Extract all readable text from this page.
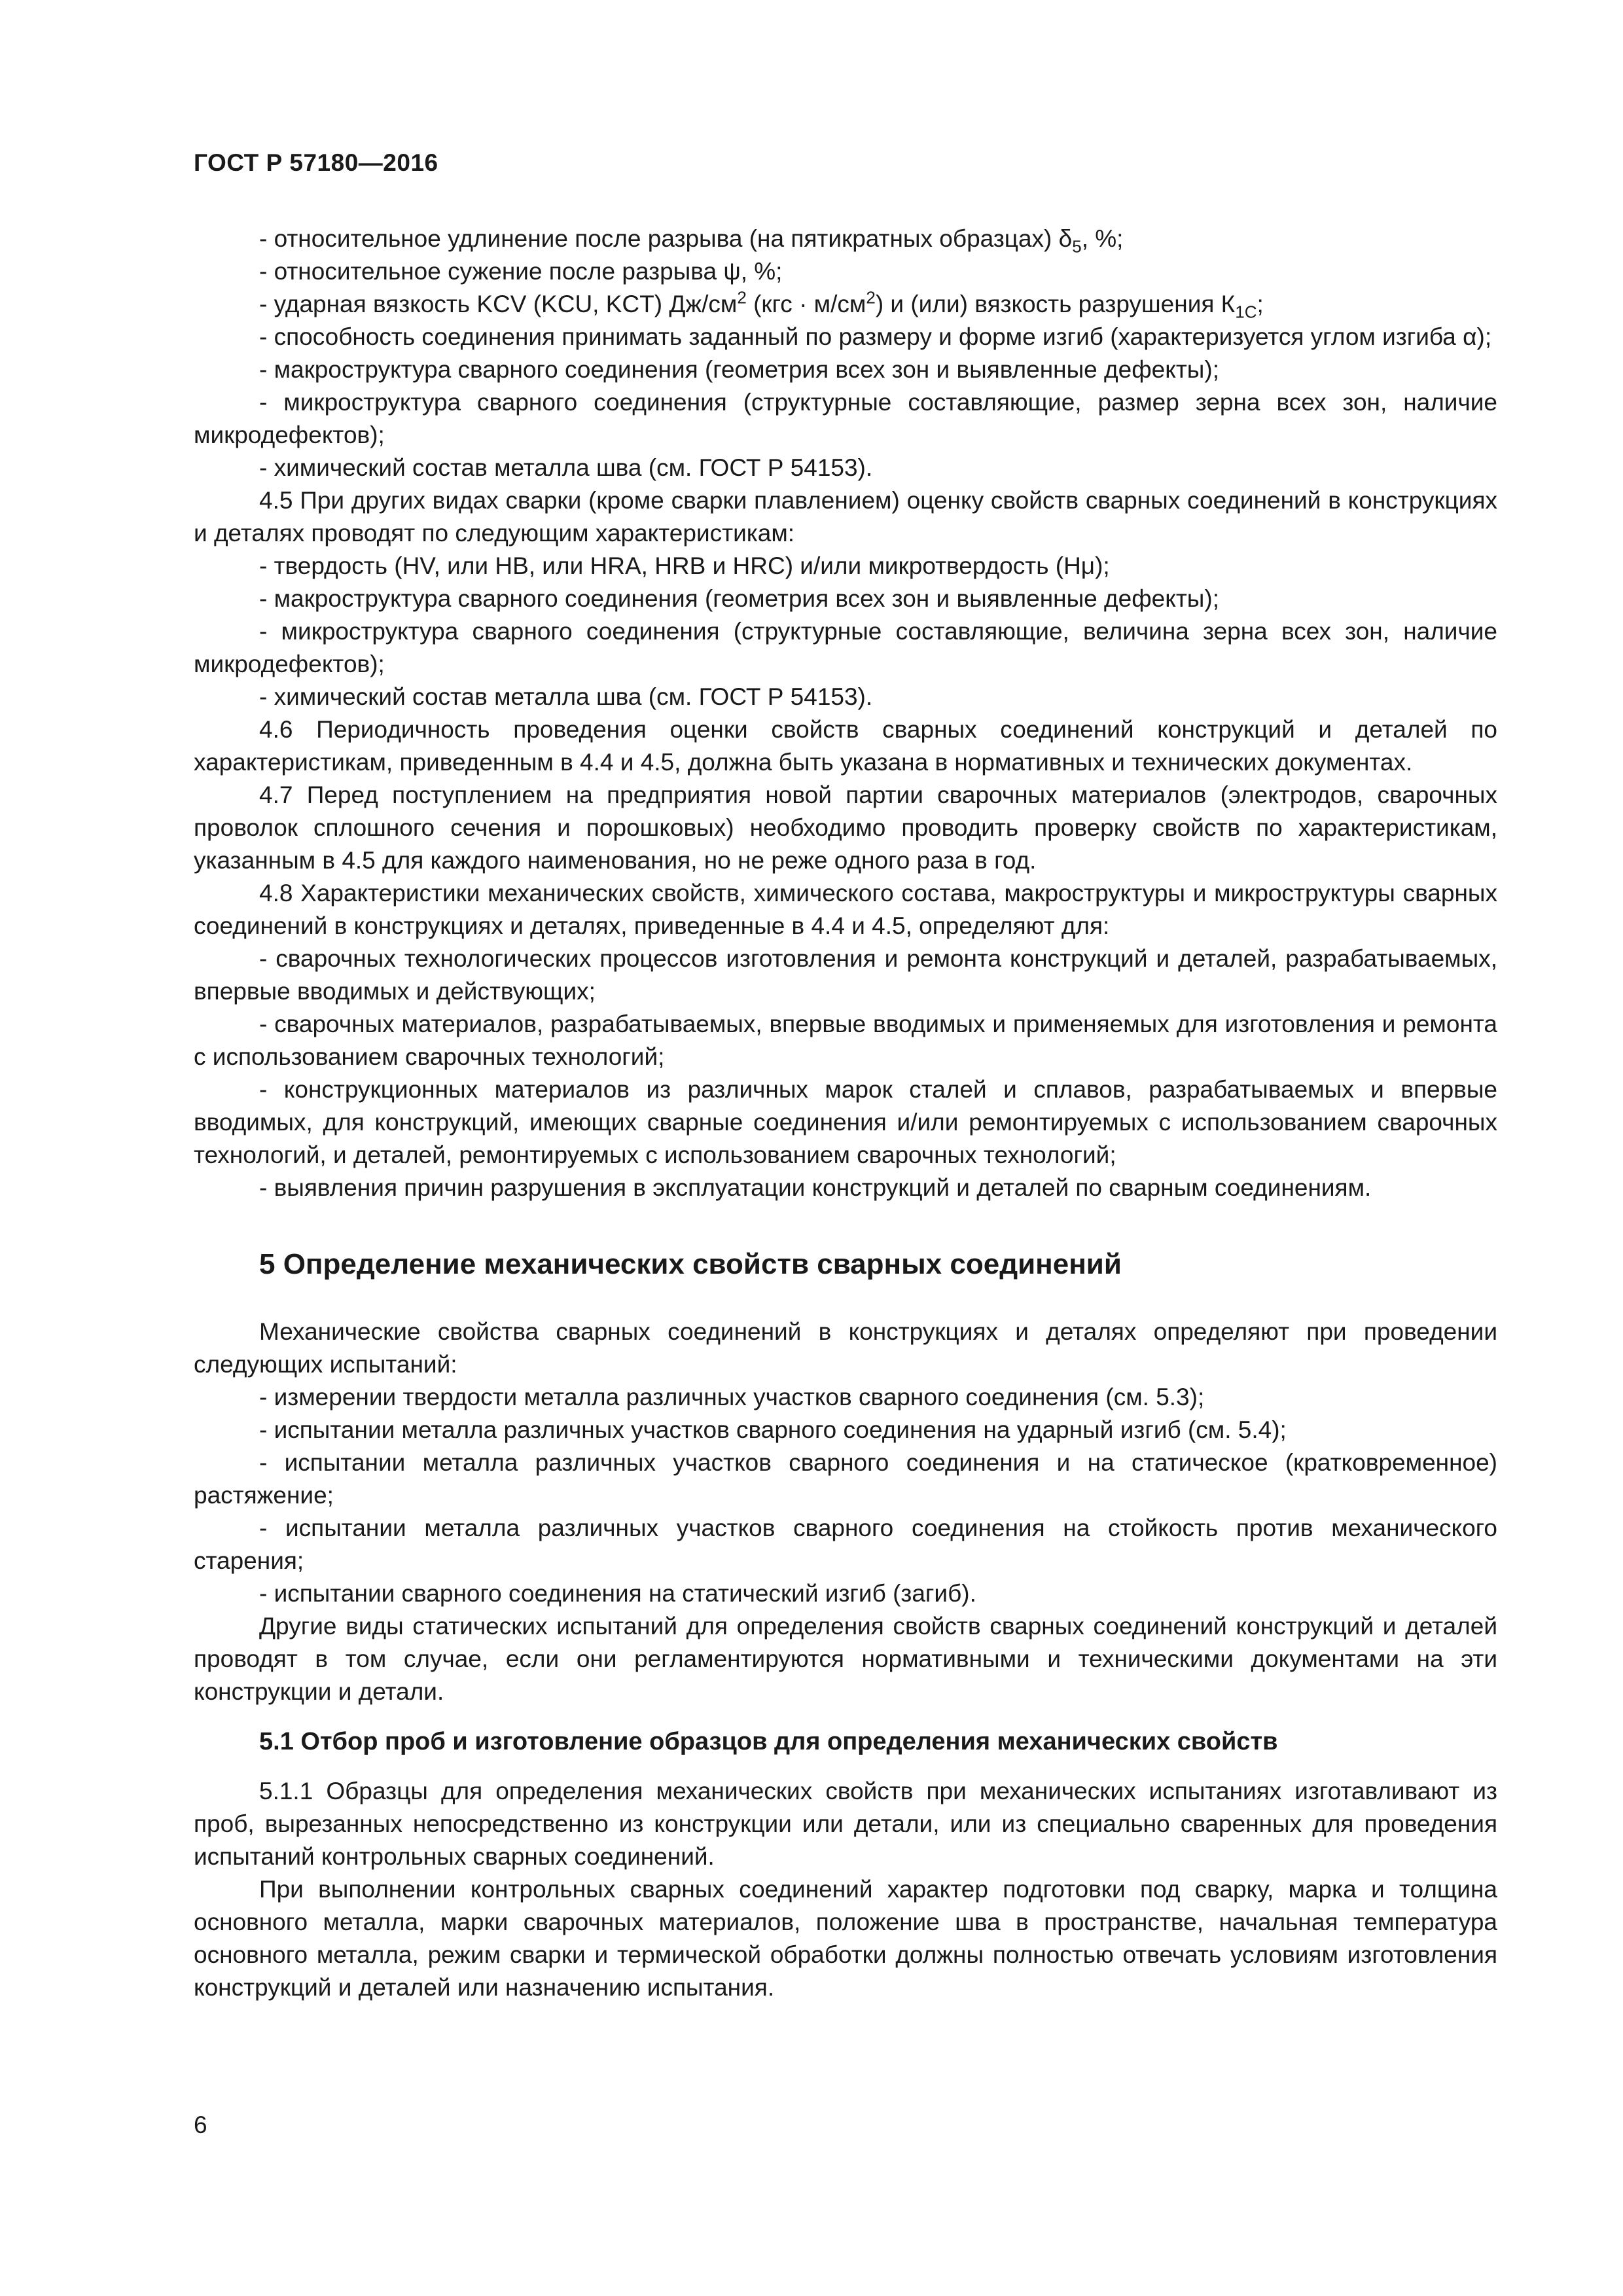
ГОСТ Р 57180—2016

- относительное удлинение после разрыва (на пятикратных образцах) $\delta_5$, %;

- относительное сужение после разрыва ψ, %;

- ударная вязкость KCV (KCU, KCT) $Дж/см^2$ $(кгс \cdot м/см^2)$ и (или) вязкость разрушения $К_{1С}$;

- способность соединения принимать заданный по размеру и форме изгиб (характеризуется углом изгиба α);

- макроструктура сварного соединения (геометрия всех зон и выявленные дефекты);

- микроструктура сварного соединения (структурные составляющие, размер зерна всех зон, наличие микродефектов);

- химический состав металла шва (см. ГОСТ Р 54153).

4.5 При других видах сварки (кроме сварки плавлением) оценку свойств сварных соединений в конструкциях и деталях проводят по следующим характеристикам:

- твердость (HV, или HB, или HRA, HRB и HRC) и/или микротвердость (Hμ);

- макроструктура сварного соединения (геометрия всех зон и выявленные дефекты);

- микроструктура сварного соединения (структурные составляющие, величина зерна всех зон, наличие микродефектов);

- химический состав металла шва (см. ГОСТ Р 54153).

4.6 Периодичность проведения оценки свойств сварных соединений конструкций и деталей по характеристикам, приведенным в 4.4 и 4.5, должна быть указана в нормативных и технических документах.

4.7 Перед поступлением на предприятия новой партии сварочных материалов (электродов, сварочных проволок сплошного сечения и порошковых) необходимо проводить проверку свойств по характеристикам, указанным в 4.5 для каждого наименования, но не реже одного раза в год.

4.8 Характеристики механических свойств, химического состава, макроструктуры и микроструктуры сварных соединений в конструкциях и деталях, приведенные в 4.4 и 4.5, определяют для:

- сварочных технологических процессов изготовления и ремонта конструкций и деталей, разрабатываемых, впервые вводимых и действующих;

- сварочных материалов, разрабатываемых, впервые вводимых и применяемых для изготовления и ремонта с использованием сварочных технологий;

- конструкционных материалов из различных марок сталей и сплавов, разрабатываемых и впервые вводимых, для конструкций, имеющих сварные соединения и/или ремонтируемых с использованием сварочных технологий, и деталей, ремонтируемых с использованием сварочных технологий;

- выявления причин разрушения в эксплуатации конструкций и деталей по сварным соединениям.

5 Определение механических свойств сварных соединений

Механические свойства сварных соединений в конструкциях и деталях определяют при проведении следующих испытаний:

- измерении твердости металла различных участков сварного соединения (см. 5.3);

- испытании металла различных участков сварного соединения на ударный изгиб (см. 5.4);

- испытании металла различных участков сварного соединения и на статическое (кратковременное) растяжение;

- испытании металла различных участков сварного соединения на стойкость против механического старения;

- испытании сварного соединения на статический изгиб (загиб).

Другие виды статических испытаний для определения свойств сварных соединений конструкций и деталей проводят в том случае, если они регламентируются нормативными и техническими документами на эти конструкции и детали.

5.1 Отбор проб и изготовление образцов для определения механических свойств

5.1.1 Образцы для определения механических свойств при механических испытаниях изготавливают из проб, вырезанных непосредственно из конструкции или детали, или из специально сваренных для проведения испытаний контрольных сварных соединений.

При выполнении контрольных сварных соединений характер подготовки под сварку, марка и толщина основного металла, марки сварочных материалов, положение шва в пространстве, начальная температура основного металла, режим сварки и термической обработки должны полностью отвечать условиям изготовления конструкций и деталей или назначению испытания.

6
